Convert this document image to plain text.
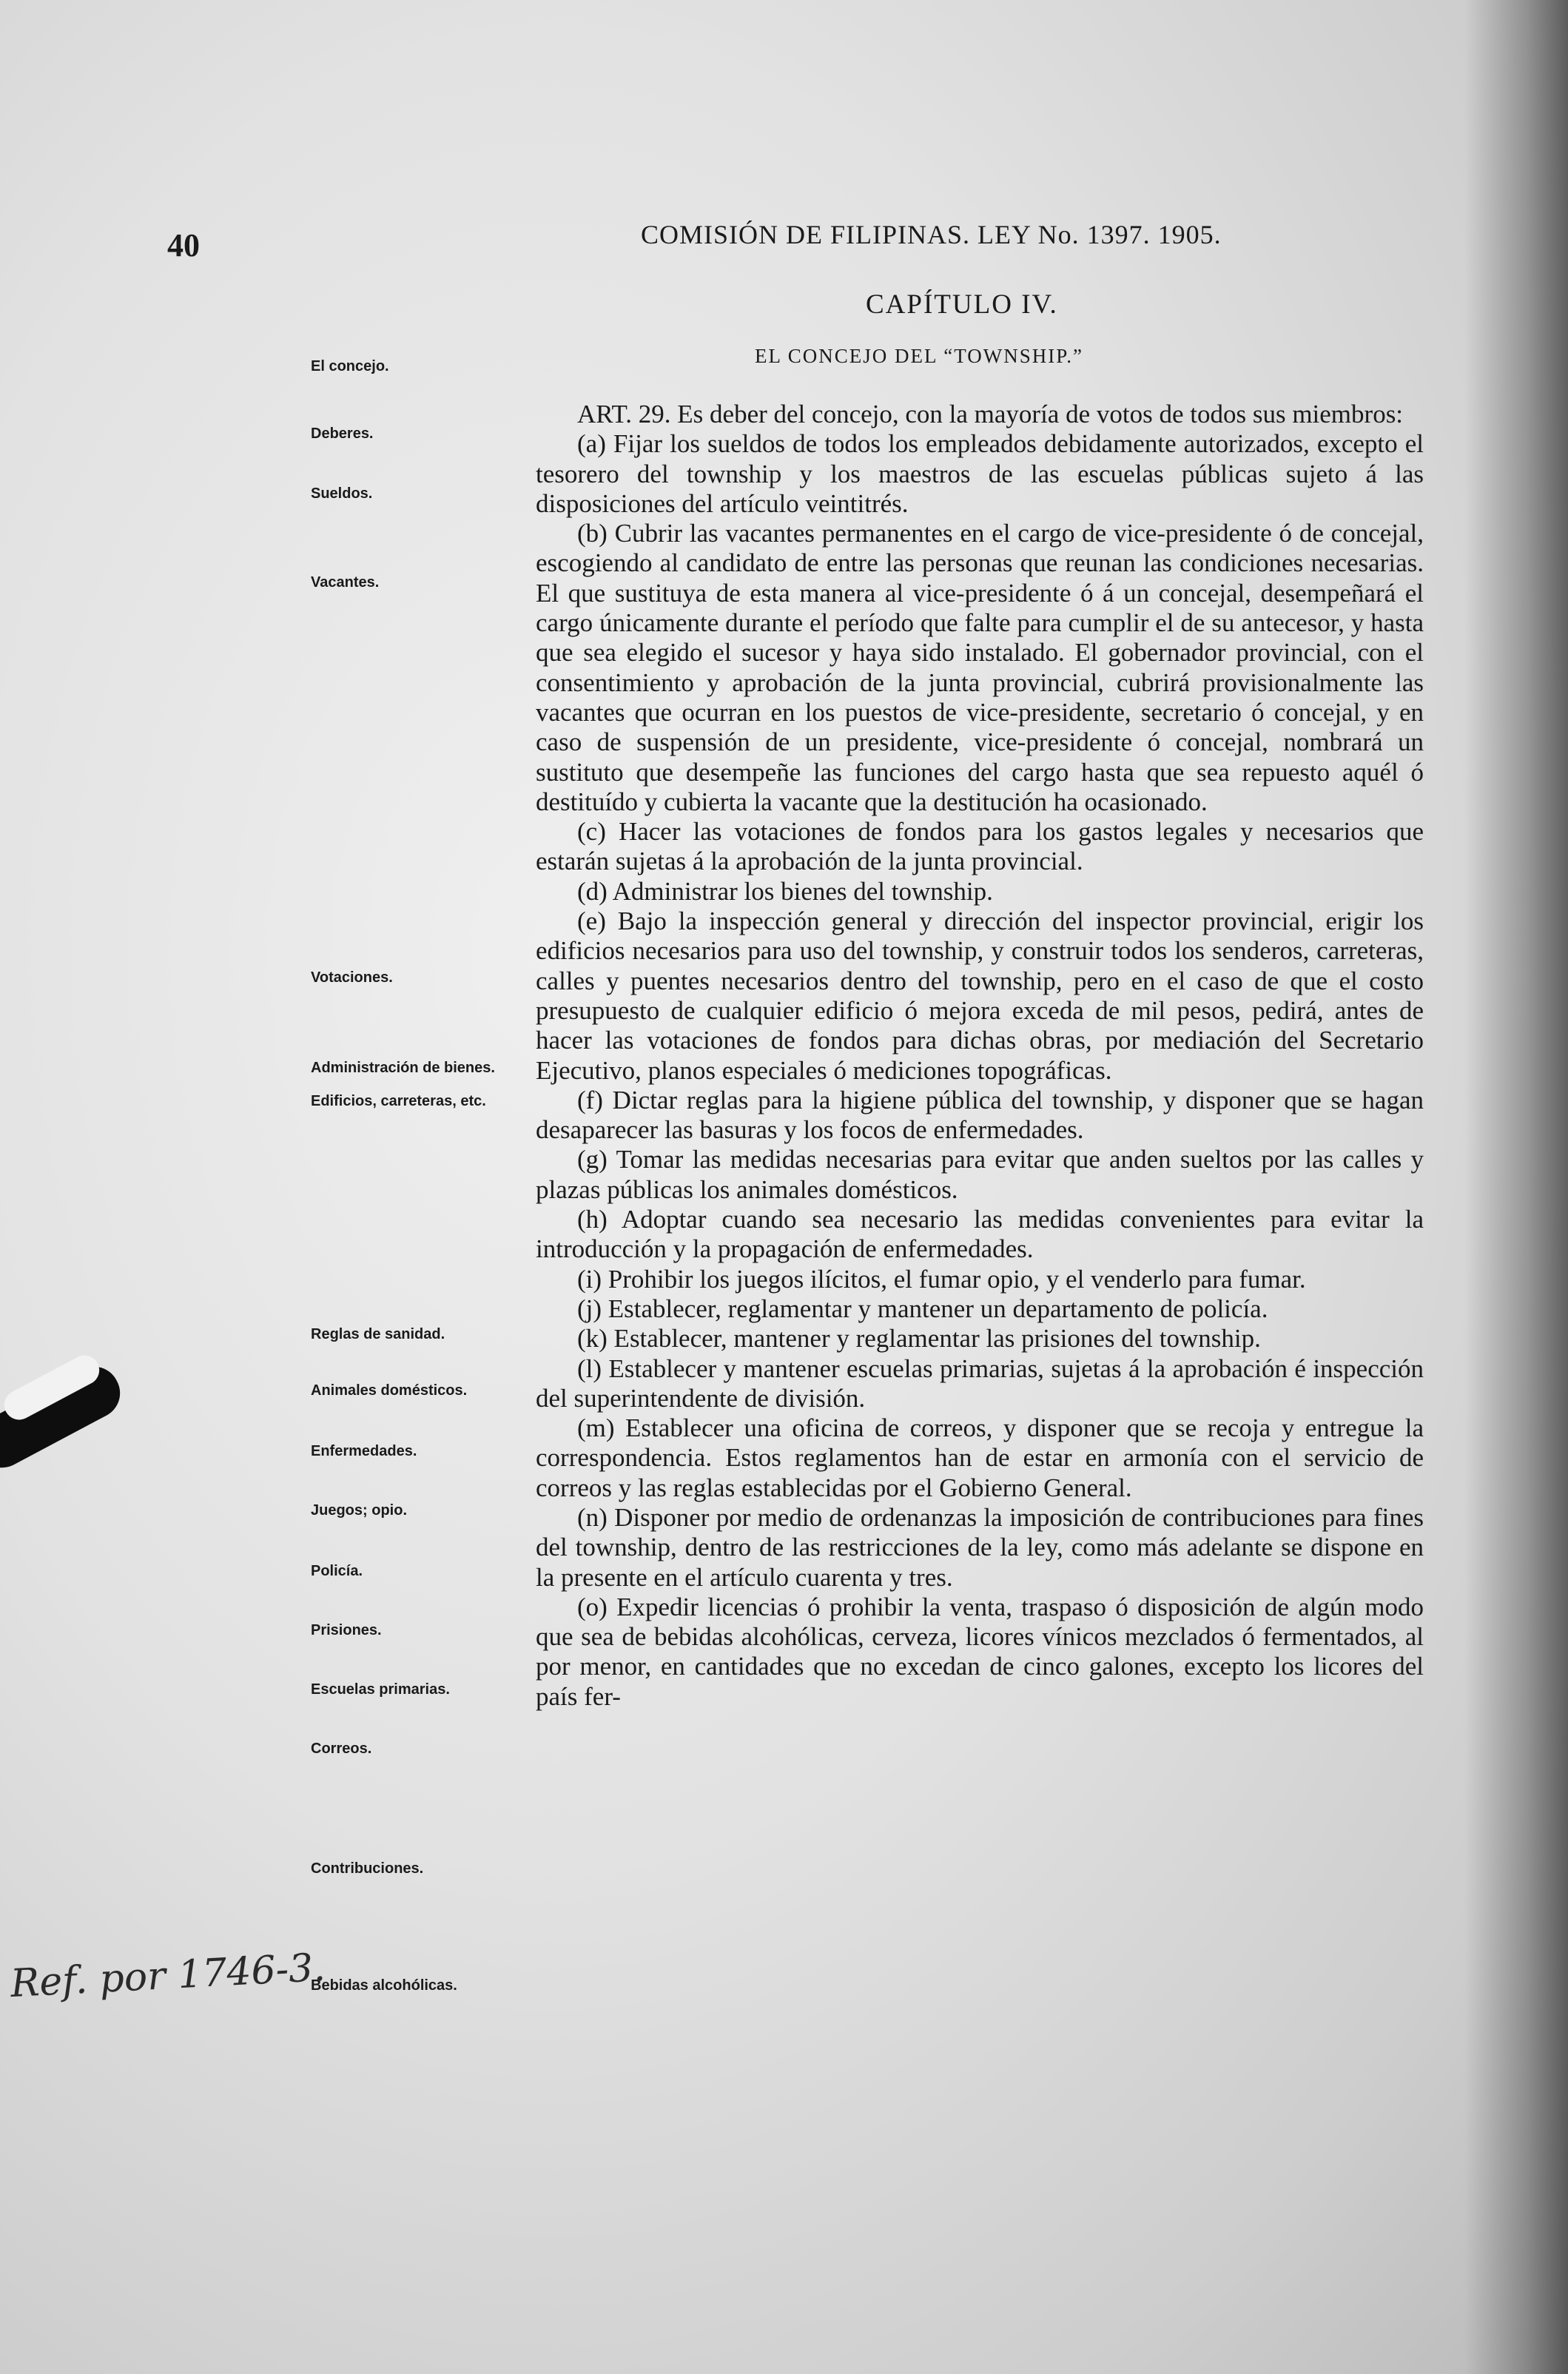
40	COMISIÓN DE FILIPINAS. LEY No. 1397. 1905.
CAPÍTULO IV.
EL CONCEJO DEL “TOWNSHIP.”
El concejo.
Deberes.
Sueldos.
Vacantes.
Votaciones.
Administración de bienes.
Edificios, carreteras, etc.
Reglas de sanidad.
Animales domésticos.
Enfermedades.
Juegos; opio.
Policía.
Prisiones.
Escuelas primarias.
Correos.
Contribuciones.
Bebidas alcohólicas.

ART. 29. Es deber del concejo, con la mayoría de votos de todos sus miembros:

(a) Fijar los sueldos de todos los empleados debidamente autorizados, excepto el tesorero del township y los maestros de las escuelas públicas sujeto á las disposiciones del artículo veintitrés.

(b) Cubrir las vacantes permanentes en el cargo de vice-presidente ó de concejal, escogiendo al candidato de entre las personas que reunan las condiciones necesarias. El que sustituya de esta manera al vice-presidente ó á un concejal, desempeñará el cargo únicamente durante el período que falte para cumplir el de su antecesor, y hasta que sea elegido el sucesor y haya sido instalado. El gobernador provincial, con el consentimiento y aprobación de la junta provincial, cubrirá provisionalmente las vacantes que ocurran en los puestos de vice-presidente, secretario ó concejal, y en caso de suspensión de un presidente, vice-presidente ó concejal, nombrará un sustituto que desempeñe las funciones del cargo hasta que sea repuesto aquél ó destituído y cubierta la vacante que la destitución ha ocasionado.

(c) Hacer las votaciones de fondos para los gastos legales y necesarios que estarán sujetas á la aprobación de la junta provincial.

(d) Administrar los bienes del township.

(e) Bajo la inspección general y dirección del inspector provincial, erigir los edificios necesarios para uso del township, y construir todos los senderos, carreteras, calles y puentes necesarios dentro del township, pero en el caso de que el costo presupuesto de cualquier edificio ó mejora exceda de mil pesos, pedirá, antes de hacer las votaciones de fondos para dichas obras, por mediación del Secretario Ejecutivo, planos especiales ó mediciones topográficas.

(f) Dictar reglas para la higiene pública del township, y disponer que se hagan desaparecer las basuras y los focos de enfermedades.

(g) Tomar las medidas necesarias para evitar que anden sueltos por las calles y plazas públicas los animales domésticos.

(h) Adoptar cuando sea necesario las medidas convenientes para evitar la introducción y la propagación de enfermedades.

(i) Prohibir los juegos ilícitos, el fumar opio, y el venderlo para fumar.

(j) Establecer, reglamentar y mantener un departamento de policía.

(k) Establecer, mantener y reglamentar las prisiones del township.

(l) Establecer y mantener escuelas primarias, sujetas á la aprobación é inspección del superintendente de división.

(m) Establecer una oficina de correos, y disponer que se recoja y entregue la correspondencia. Estos reglamentos han de estar en armonía con el servicio de correos y las reglas establecidas por el Gobierno General.

(n) Disponer por medio de ordenanzas la imposición de contribuciones para fines del township, dentro de las restricciones de la ley, como más adelante se dispone en la presente en el artículo cuarenta y tres.

(o) Expedir licencias ó prohibir la venta, traspaso ó disposición de algún modo que sea de bebidas alcohólicas, cerveza, licores vínicos mezclados ó fermentados, al por menor, en cantidades que no excedan de cinco galones, excepto los licores del país fer-

Ref. por 1746-3.
